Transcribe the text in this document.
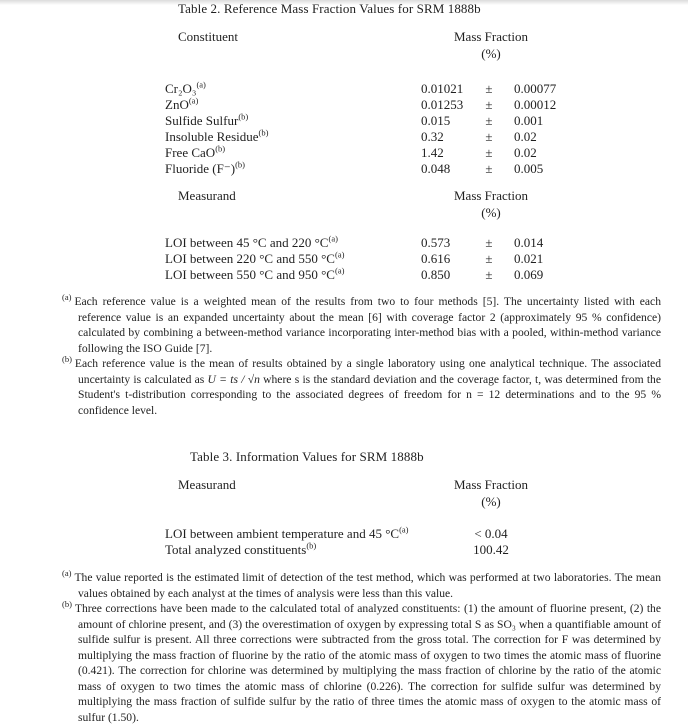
Table 2. Reference Mass Fraction Values for SRM 1888b
Constituent	Mass Fraction
(%)
Cr₂O₃$^{(a)}$	0.01021 ± 0.00077
ZnO$^{(a)}$	0.01253 ± 0.00012
Sulfide Sulfur$^{(b)}$	0.015	± 0.001
Insoluble Residue$^{(b)}$	0.32	± 0.02
Free CaO$^{(b)}$	1.42	± 0.02
Fluoride (F⁻)$^{(b)}$	0.048	± 0.005
Measurand	Mass Fraction
(%)
LOI between 45 °C and 220 °C$^{(a)}$	0.573	± 0.014
LOI between 220 °C and 550 °C$^{(a)}$	0.616	± 0.021
LOI between 550 °C and 950 °C$^{(a)}$	0.850	± 0.069
$^{(a)}$ Each reference value is a weighted mean of the results from two to four methods [5]. The uncertainty listed with each reference value is an expanded uncertainty about the mean [6] with coverage factor 2 (approximately 95 % confidence) calculated by combining a between-method variance incorporating inter-method bias with a pooled, within-method variance following the ISO Guide [7].
$^{(b)}$ Each reference value is the mean of results obtained by a single laboratory using one analytical technique. The associated uncertainty is calculated as U = ts / √n where s is the standard deviation and the coverage factor, t, was determined from the Student's t-distribution corresponding to the associated degrees of freedom for n = 12 determinations and to the 95 % confidence level.
Table 3. Information Values for SRM 1888b
Measurand	Mass Fraction
(%)
LOI between ambient temperature and 45 °C$^{(a)}$	< 0.04
Total analyzed constituents$^{(b)}$	100.42
$^{(a)}$ The value reported is the estimated limit of detection of the test method, which was performed at two laboratories. The mean values obtained by each analyst at the times of analysis were less than this value.
$^{(b)}$ Three corrections have been made to the calculated total of analyzed constituents: (1) the amount of fluorine present, (2) the amount of chlorine present, and (3) the overestimation of oxygen by expressing total S as SO₃ when a quantifiable amount of sulfide sulfur is present. All three corrections were subtracted from the gross total. The correction for F was determined by multiplying the mass fraction of fluorine by the ratio of the atomic mass of oxygen to two times the atomic mass of fluorine (0.421). The correction for chlorine was determined by multiplying the mass fraction of chlorine by the ratio of the atomic mass of oxygen to two times the atomic mass of chlorine (0.226). The correction for sulfide sulfur was determined by multiplying the mass fraction of sulfide sulfur by the ratio of three times the atomic mass of oxygen to the atomic mass of sulfur (1.50).
